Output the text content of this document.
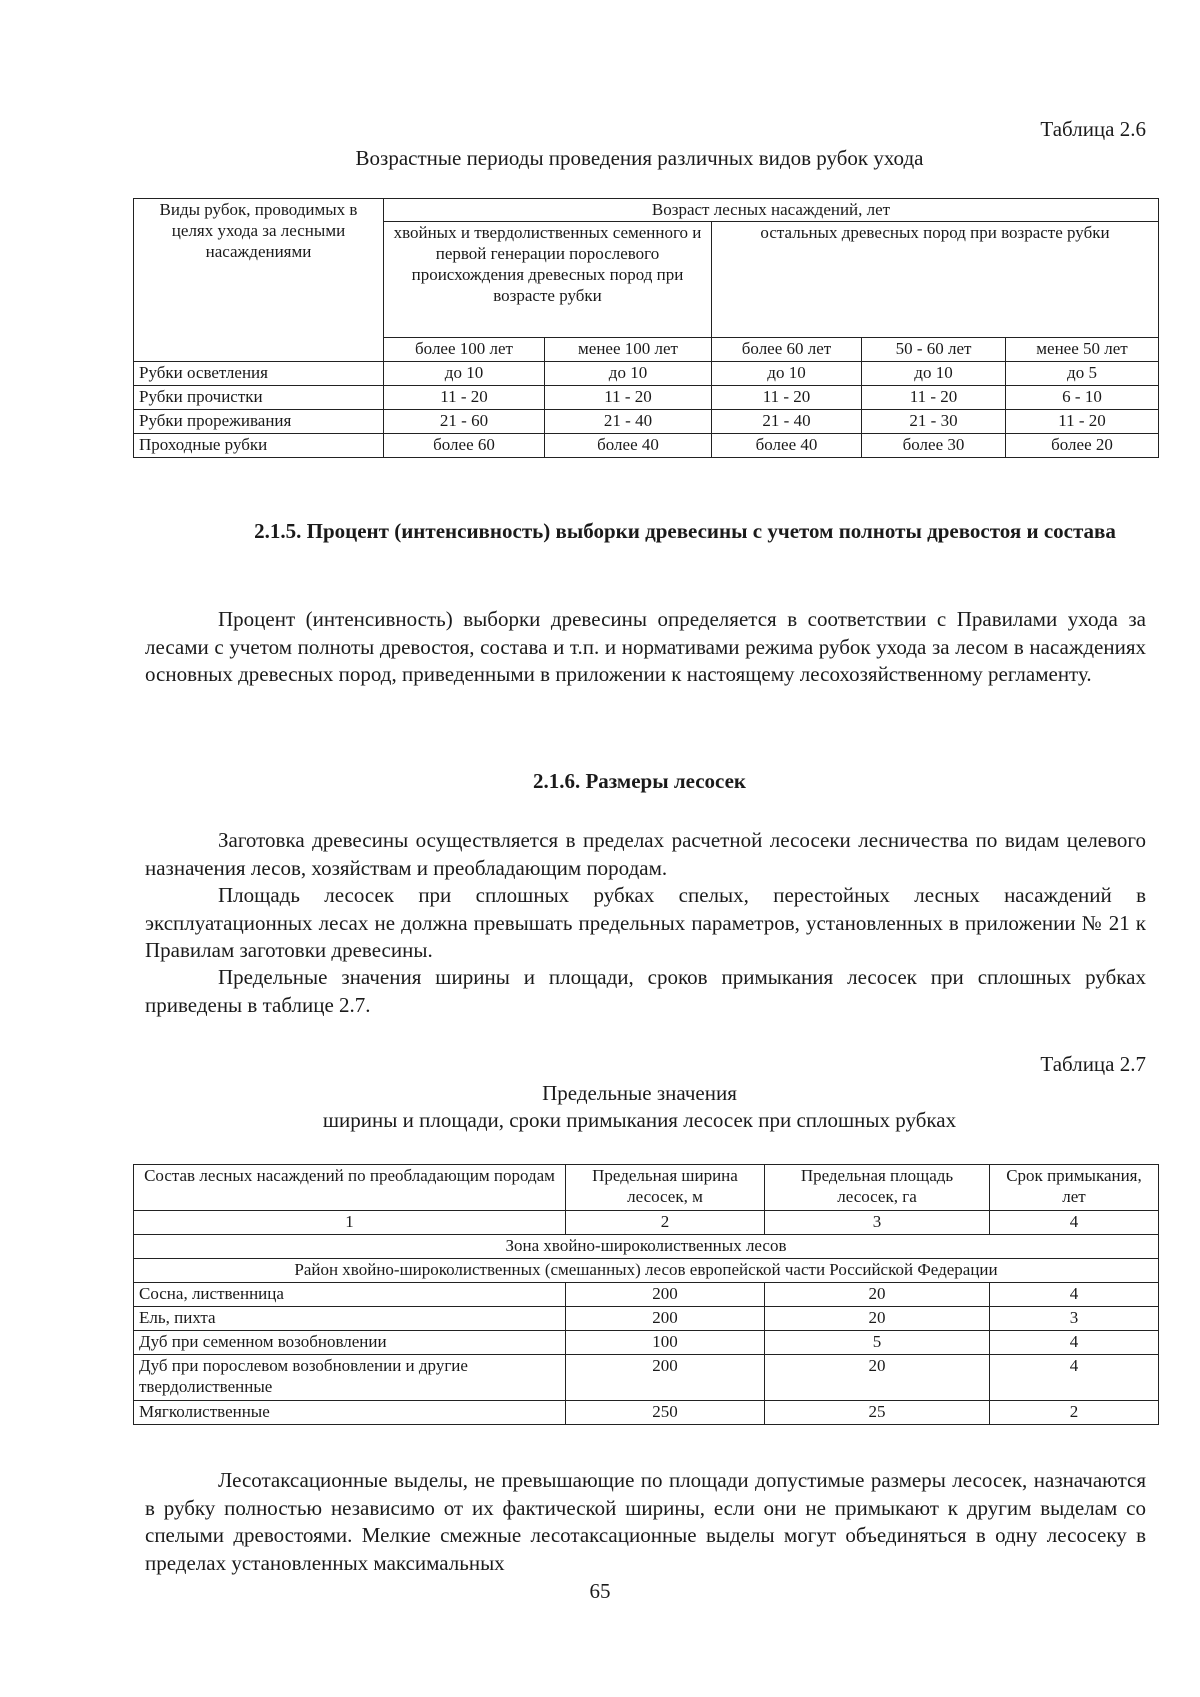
Таблица 2.6
Возрастные периоды проведения различных видов рубок ухода
Виды рубок, проводимых в целях ухода за лесными насаждениями	Возраст лесных насаждений, лет				
	хвойных и твердолиственных семенного и первой генерации порослевого происхождения древесных пород при возрасте рубки		остальных древесных пород при возрасте рубки		
	более 100 лет	менее 100 лет	более 60 лет	50 - 60 лет	менее 50 лет
Рубки осветления	до 10	до 10	до 10	до 10	до 5
Рубки прочистки	11 - 20	11 - 20	11 - 20	11 - 20	6 - 10
Рубки прореживания	21 - 60	21 - 40	21 - 40	21 - 30	11 - 20
Проходные рубки	более 60	более 40	более 40	более 30	более 20
2.1.5. Процент (интенсивность) выборки древесины с учетом полноты древостоя и состава
Процент (интенсивность) выборки древесины определяется в соответствии с Правилами ухода за лесами с учетом полноты древостоя, состава и т.п. и нормативами режима рубок ухода за лесом в насаждениях основных древесных пород, приведенными в приложении к настоящему лесохозяйственному регламенту.
2.1.6. Размеры лесосек
Заготовка древесины осуществляется в пределах расчетной лесосеки лесничества по видам целевого назначения лесов, хозяйствам и преобладающим породам.
Площадь лесосек при сплошных рубках спелых, перестойных лесных насаждений в эксплуатационных лесах не должна превышать предельных параметров, установленных в приложении № 21 к Правилам заготовки древесины.
Предельные значения ширины и площади, сроков примыкания лесосек при сплошных рубках приведены в таблице 2.7.
Таблица 2.7
Предельные значения
ширины и площади, сроки примыкания лесосек при сплошных рубках
Состав лесных насаждений по преобладающим породам	Предельная ширина лесосек, м	Предельная площадь лесосек, га	Срок примыкания, лет
1	2	3	4
Зона хвойно-широколиственных лесов			
Район хвойно-широколиственных (смешанных) лесов европейской части Российской Федерации			
Сосна, лиственница	200	20	4
Ель, пихта	200	20	3
Дуб при семенном возобновлении	100	5	4
Дуб при порослевом возобновлении и другие твердолиственные	200	20	4
Мягколиственные	250	25	2
Лесотаксационные выделы, не превышающие по площади допустимые размеры лесосек, назначаются в рубку полностью независимо от их фактической ширины, если они не примыкают к другим выделам со спелыми древостоями. Мелкие смежные лесотаксационные выделы могут объединяться в одну лесосеку в пределах установленных максимальных
65
